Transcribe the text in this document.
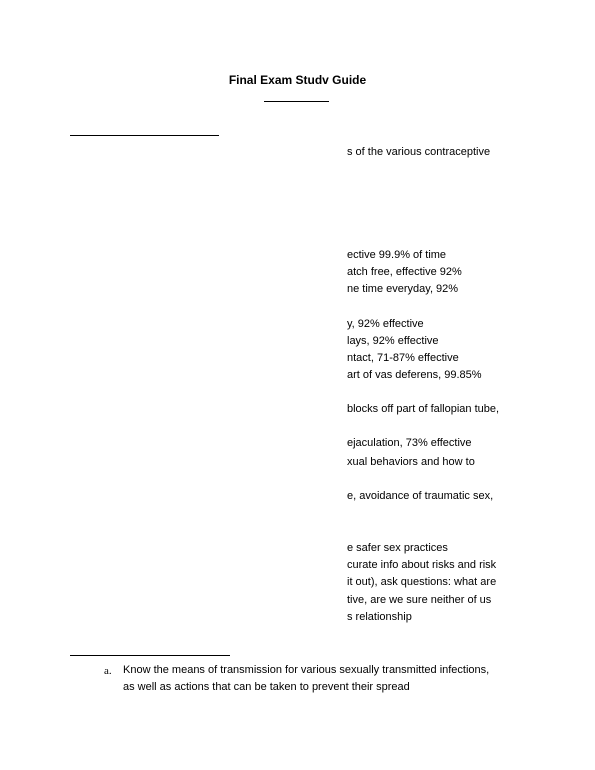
Final Exam Studv Guide
s of the various contraceptive
ective 99.9% of time
atch free, effective 92%
ne time everyday, 92%
y, 92% effective
lays, 92% effective
ntact, 71-87% effective
art of vas deferens, 99.85%
blocks off part of fallopian tube,
ejaculation, 73% effective
xual behaviors and how to
e, avoidance of traumatic sex,
e safer sex practices
curate info about risks and risk
it out), ask questions: what are
tive, are we sure neither of us
s relationship
a. Know the means of transmission for various sexually transmitted infections,
as well as actions that can be taken to prevent their spread
